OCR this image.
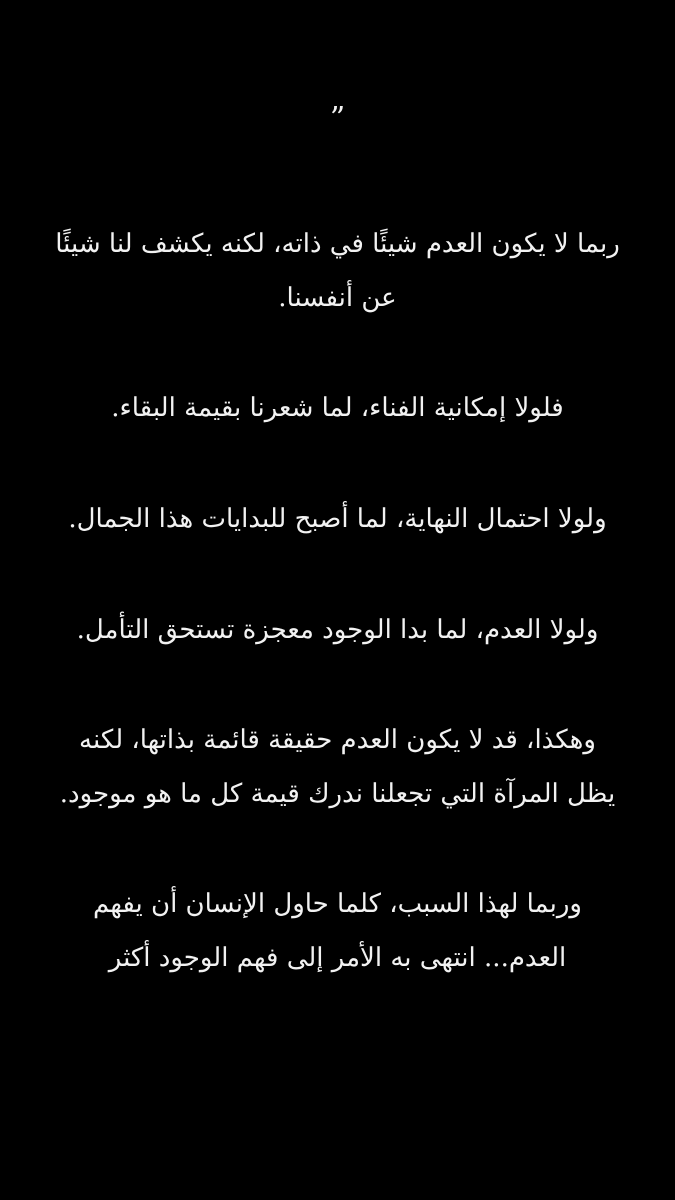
”
ربما لا يكون العدم شيئًا في ذاته، لكنه يكشف لنا شيئًا
عن أنفسنا.
فلولا إمكانية الفناء، لما شعرنا بقيمة البقاء.
ولولا احتمال النهاية، لما أصبح للبدايات هذا الجمال.
ولولا العدم، لما بدا الوجود معجزة تستحق التأمل.
وهكذا، قد لا يكون العدم حقيقة قائمة بذاتها، لكنه
يظل المرآة التي تجعلنا ندرك قيمة كل ما هو موجود.
وربما لهذا السبب، كلما حاول الإنسان أن يفهم
العدم... انتهى به الأمر إلى فهم الوجود أكثر
